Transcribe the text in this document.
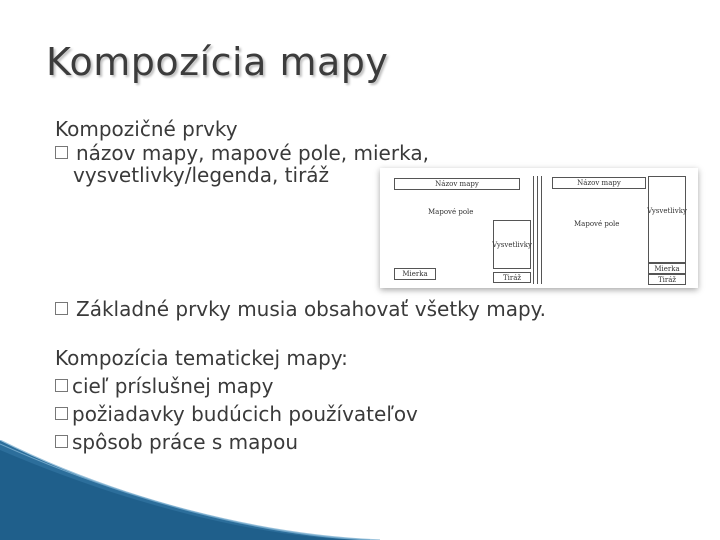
Kompozícia mapy
Kompozičné prvky
názov mapy, mapové pole, mierka,
vysvetlivky/legenda, tiráž
Základné prvky musia obsahovať všetky mapy.
Kompozícia tematickej mapy:
cieľ príslušnej mapy
požiadavky budúcich používateľov
spôsob práce s mapou
Názov mapy
Mapové pole
Vysvetlivky
Mierka	Tiráž
Názov mapy
Mapové pole
Vysvetlivky
Mierka
Tiráž
